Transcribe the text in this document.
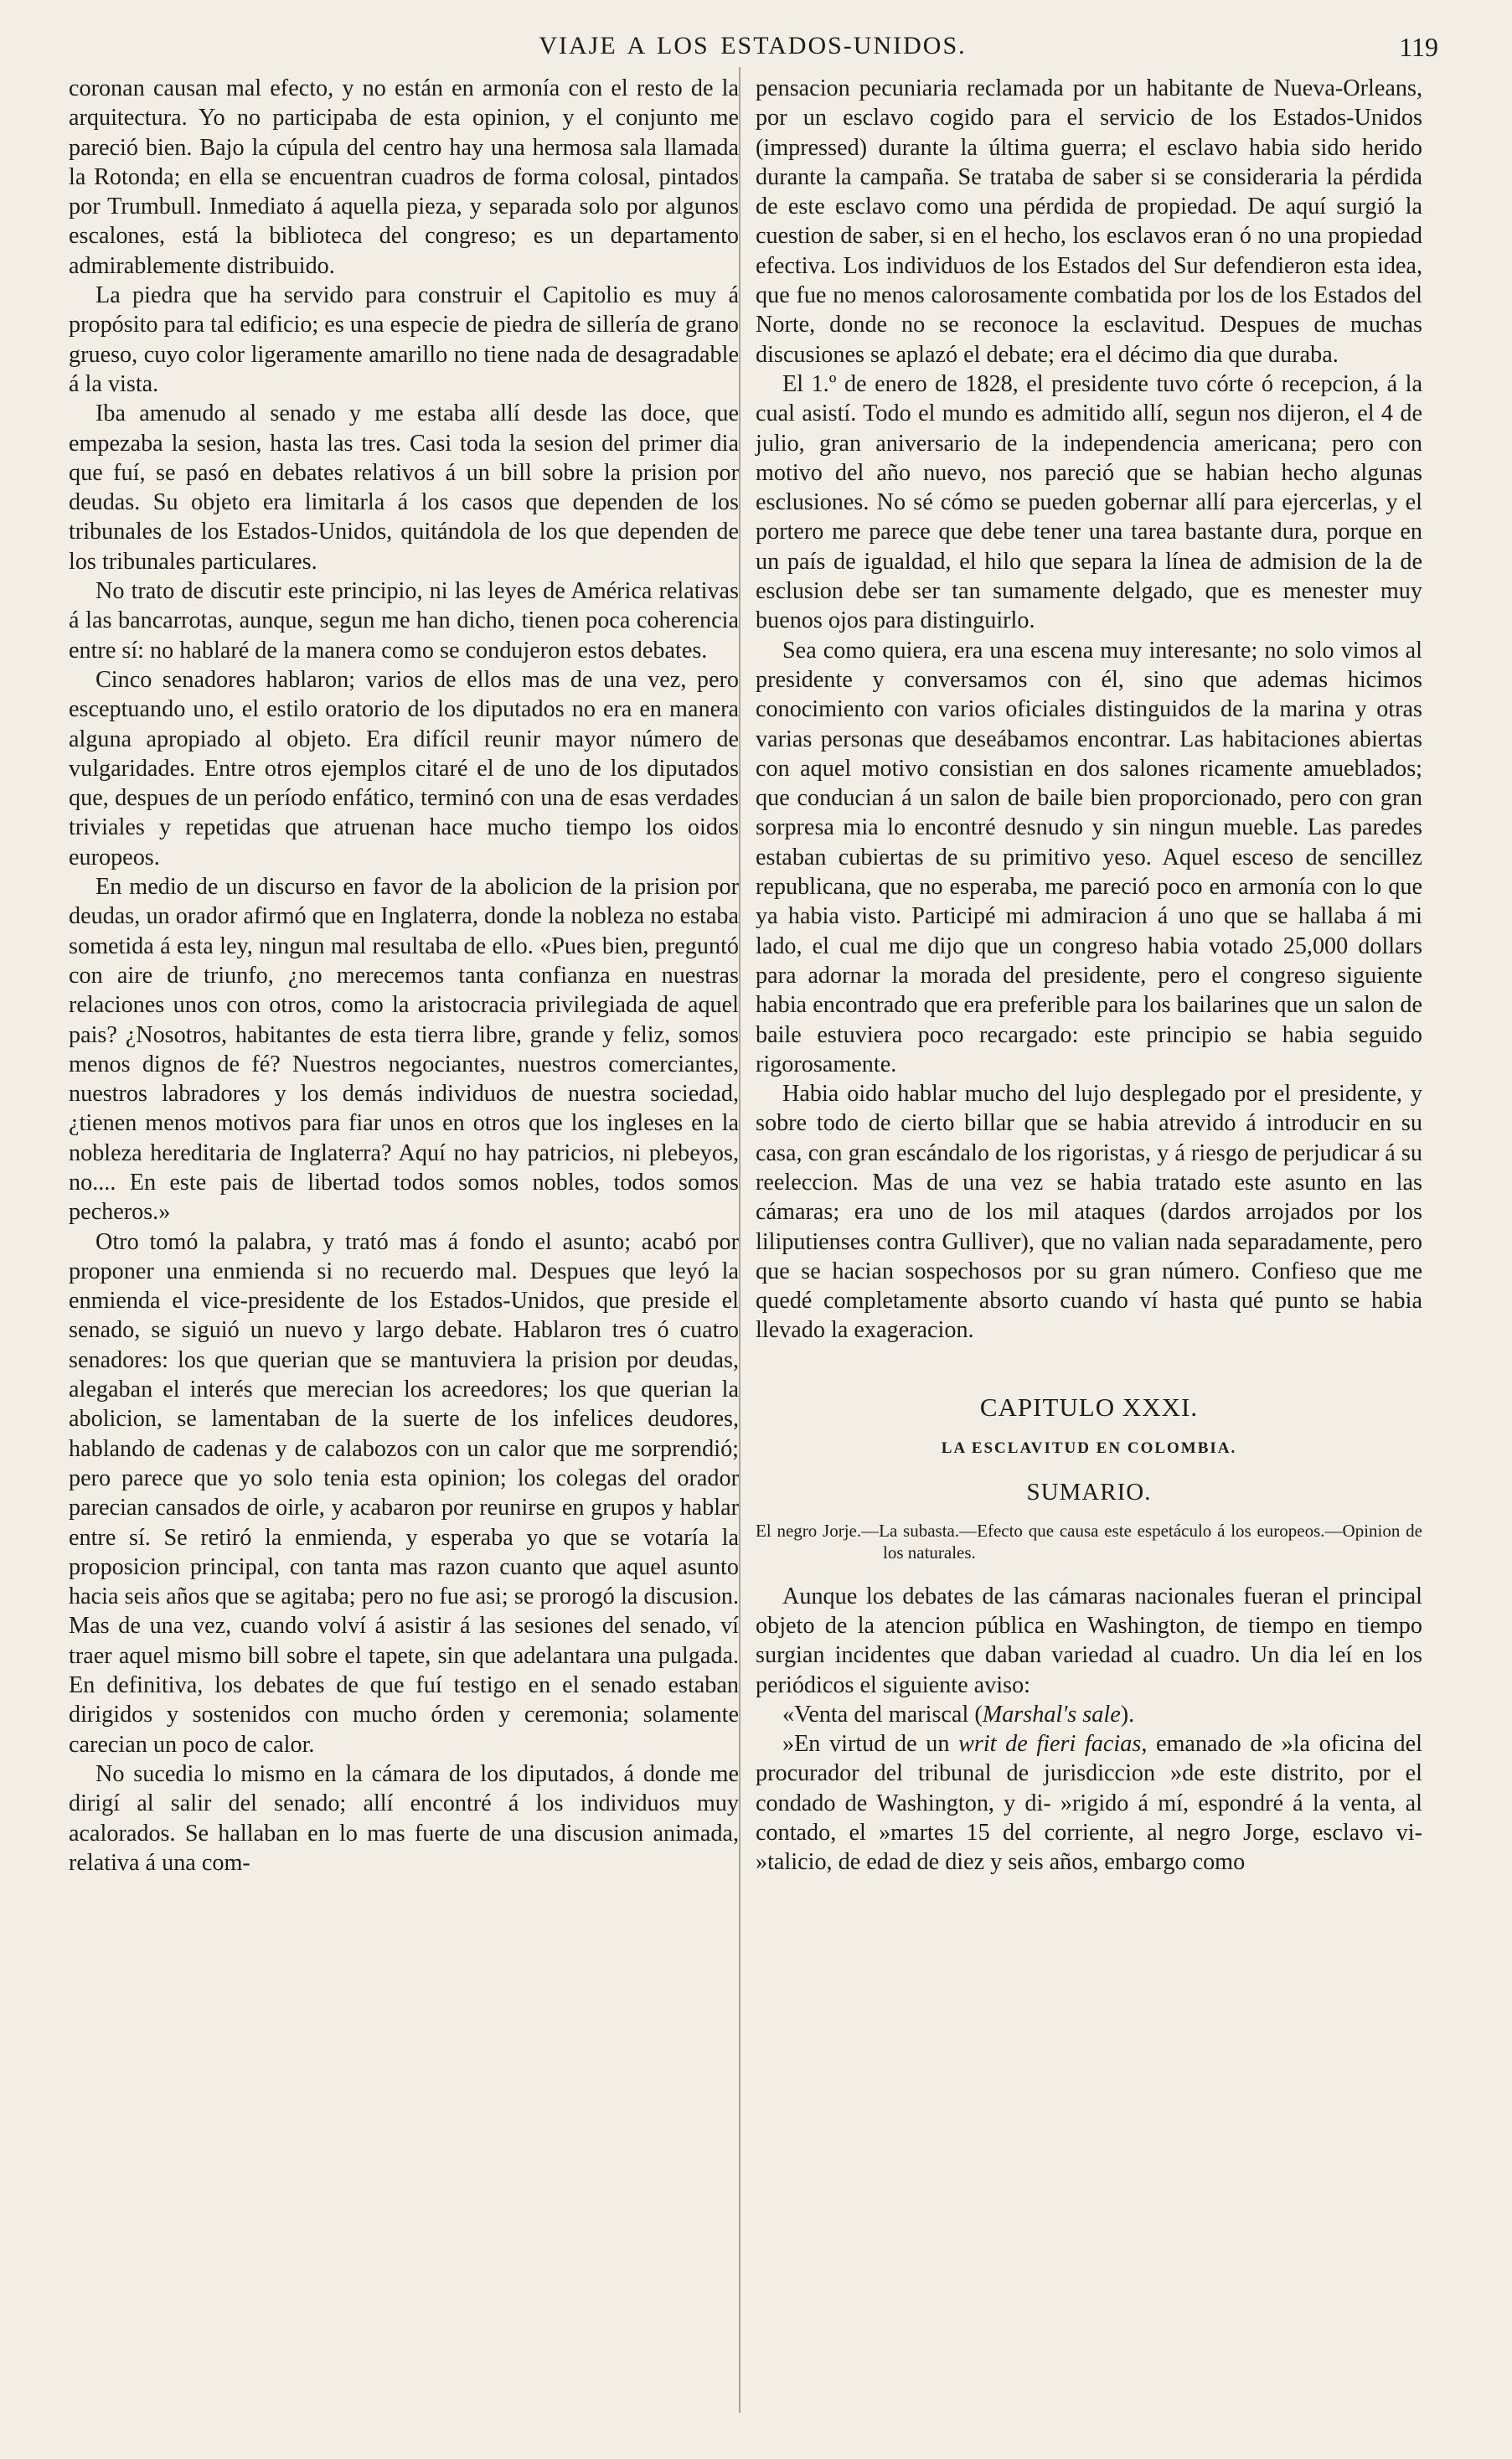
VIAJE A LOS ESTADOS-UNIDOS.	119

coronan causan mal efecto, y no están en armonía con el resto de la arquitectura. Yo no participaba de esta opinion, y el conjunto me pareció bien. Bajo la cúpula del centro hay una hermosa sala llamada la Rotonda; en ella se encuentran cuadros de forma colosal, pintados por Trumbull. Inmediato á aquella pieza, y separada solo por algunos escalones, está la biblioteca del congreso; es un departamento admirablemente distribuido.

La piedra que ha servido para construir el Capitolio es muy á propósito para tal edificio; es una especie de piedra de sillería de grano grueso, cuyo color ligeramente amarillo no tiene nada de desagradable á la vista.

Iba amenudo al senado y me estaba allí desde las doce, que empezaba la sesion, hasta las tres. Casi toda la sesion del primer dia que fuí, se pasó en debates relativos á un bill sobre la prision por deudas. Su objeto era limitarla á los casos que dependen de los tribunales de los Estados-Unidos, quitándola de los que dependen de los tribunales particulares.

No trato de discutir este principio, ni las leyes de América relativas á las bancarrotas, aunque, segun me han dicho, tienen poca coherencia entre sí: no hablaré de la manera como se condujeron estos debates.

Cinco senadores hablaron; varios de ellos mas de una vez, pero esceptuando uno, el estilo oratorio de los diputados no era en manera alguna apropiado al objeto. Era difícil reunir mayor número de vulgaridades. Entre otros ejemplos citaré el de uno de los diputados que, despues de un período enfático, terminó con una de esas verdades triviales y repetidas que atruenan hace mucho tiempo los oidos europeos.

En medio de un discurso en favor de la abolicion de la prision por deudas, un orador afirmó que en Inglaterra, donde la nobleza no estaba sometida á esta ley, ningun mal resultaba de ello. «Pues bien, preguntó con aire de triunfo, ¿no merecemos tanta confianza en nuestras relaciones unos con otros, como la aristocracia privilegiada de aquel pais? ¿Nosotros, habitantes de esta tierra libre, grande y feliz, somos menos dignos de fé? Nuestros negociantes, nuestros comerciantes, nuestros labradores y los demás individuos de nuestra sociedad, ¿tienen menos motivos para fiar unos en otros que los ingleses en la nobleza hereditaria de Inglaterra? Aquí no hay patricios, ni plebeyos, no.... En este pais de libertad todos somos nobles, todos somos pecheros.»

Otro tomó la palabra, y trató mas á fondo el asunto; acabó por proponer una enmienda si no recuerdo mal. Despues que leyó la enmienda el vice-presidente de los Estados-Unidos, que preside el senado, se siguió un nuevo y largo debate. Hablaron tres ó cuatro senadores: los que querian que se mantuviera la prision por deudas, alegaban el interés que merecian los acreedores; los que querian la abolicion, se lamentaban de la suerte de los infelices deudores, hablando de cadenas y de calabozos con un calor que me sorprendió; pero parece que yo solo tenia esta opinion; los colegas del orador parecian cansados de oirle, y acabaron por reunirse en grupos y hablar entre sí. Se retiró la enmienda, y esperaba yo que se votaría la proposicion principal, con tanta mas razon cuanto que aquel asunto hacia seis años que se agitaba; pero no fue asi; se prorogó la discusion. Mas de una vez, cuando volví á asistir á las sesiones del senado, ví traer aquel mismo bill sobre el tapete, sin que adelantara una pulgada. En definitiva, los debates de que fuí testigo en el senado estaban dirigidos y sostenidos con mucho órden y ceremonia; solamente carecian un poco de calor.

No sucedia lo mismo en la cámara de los diputados, á donde me dirigí al salir del senado; allí encontré á los individuos muy acalorados. Se hallaban en lo mas fuerte de una discusion animada, relativa á una com-

pensacion pecuniaria reclamada por un habitante de Nueva-Orleans, por un esclavo cogido para el servicio de los Estados-Unidos (impressed) durante la última guerra; el esclavo habia sido herido durante la campaña. Se trataba de saber si se consideraria la pérdida de este esclavo como una pérdida de propiedad. De aquí surgió la cuestion de saber, si en el hecho, los esclavos eran ó no una propiedad efectiva. Los individuos de los Estados del Sur defendieron esta idea, que fue no menos calorosamente combatida por los de los Estados del Norte, donde no se reconoce la esclavitud. Despues de muchas discusiones se aplazó el debate; era el décimo dia que duraba.

El 1.º de enero de 1828, el presidente tuvo córte ó recepcion, á la cual asistí. Todo el mundo es admitido allí, segun nos dijeron, el 4 de julio, gran aniversario de la independencia americana; pero con motivo del año nuevo, nos pareció que se habian hecho algunas esclusiones. No sé cómo se pueden gobernar allí para ejercerlas, y el portero me parece que debe tener una tarea bastante dura, porque en un país de igualdad, el hilo que separa la línea de admision de la de esclusion debe ser tan sumamente delgado, que es menester muy buenos ojos para distinguirlo.

Sea como quiera, era una escena muy interesante; no solo vimos al presidente y conversamos con él, sino que ademas hicimos conocimiento con varios oficiales distinguidos de la marina y otras varias personas que deseábamos encontrar. Las habitaciones abiertas con aquel motivo consistian en dos salones ricamente amueblados; que conducian á un salon de baile bien proporcionado, pero con gran sorpresa mia lo encontré desnudo y sin ningun mueble. Las paredes estaban cubiertas de su primitivo yeso. Aquel esceso de sencillez republicana, que no esperaba, me pareció poco en armonía con lo que ya habia visto. Participé mi admiracion á uno que se hallaba á mi lado, el cual me dijo que un congreso habia votado 25,000 dollars para adornar la morada del presidente, pero el congreso siguiente habia encontrado que era preferible para los bailarines que un salon de baile estuviera poco recargado: este principio se habia seguido rigorosamente.

Habia oido hablar mucho del lujo desplegado por el presidente, y sobre todo de cierto billar que se habia atrevido á introducir en su casa, con gran escándalo de los rigoristas, y á riesgo de perjudicar á su reeleccion. Mas de una vez se habia tratado este asunto en las cámaras; era uno de los mil ataques (dardos arrojados por los liliputienses contra Gulliver), que no valian nada separadamente, pero que se hacian sospechosos por su gran número. Confieso que me quedé completamente absorto cuando ví hasta qué punto se habia llevado la exageracion.

CAPITULO XXXI.
LA ESCLAVITUD EN COLOMBIA.
SUMARIO.
El negro Jorje.—La subasta.—Efecto que causa este espetáculo á los europeos.—Opinion de los naturales.

Aunque los debates de las cámaras nacionales fueran el principal objeto de la atencion pública en Washington, de tiempo en tiempo surgian incidentes que daban variedad al cuadro. Un dia leí en los periódicos el siguiente aviso:

«Venta del mariscal (Marshal's sale).

»En virtud de un writ de fieri facias, emanado de »la oficina del procurador del tribunal de jurisdiccion »de este distrito, por el condado de Washington, y di- »rigido á mí, espondré á la venta, al contado, el »martes 15 del corriente, al negro Jorge, esclavo vi- »talicio, de edad de diez y seis años, embargo como
